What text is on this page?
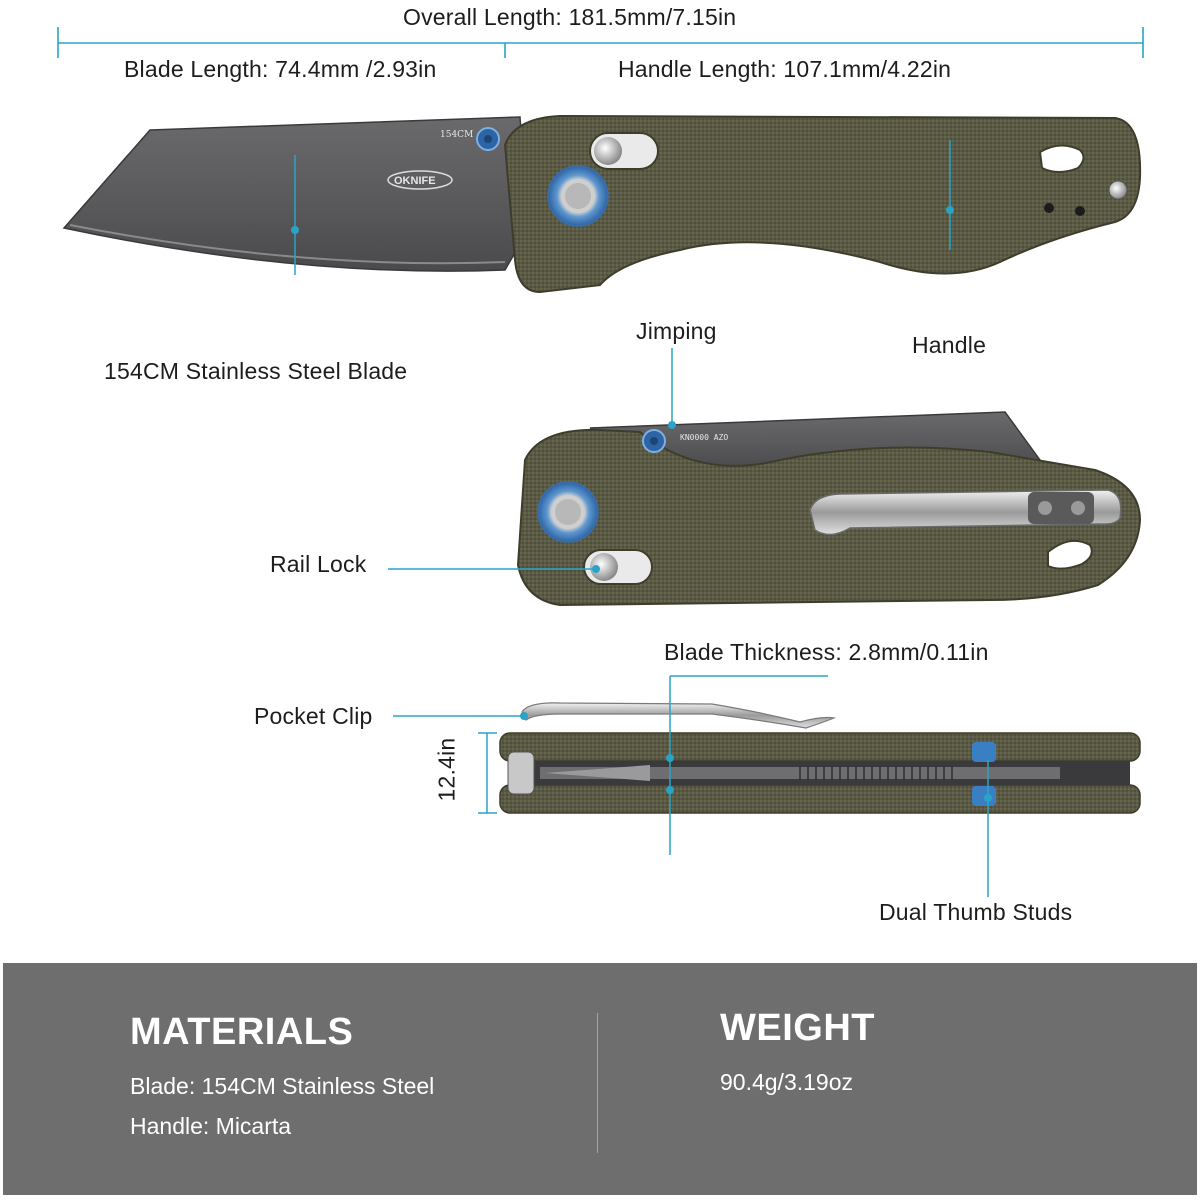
154CM
OKNIFE
KN0000 AZO
Overall Length: 181.5mm/7.15in
Blade Length: 74.4mm /2.93in	Handle Length: 107.1mm/4.22in
154CM Stainless Steel Blade
Jimping
Handle
Rail Lock
Blade Thickness: 2.8mm/0.11in
Pocket Clip
12.4in
Dual Thumb Studs
MATERIALS
Blade: 154CM Stainless Steel
Handle: Micarta
WEIGHT
90.4g/3.19oz
